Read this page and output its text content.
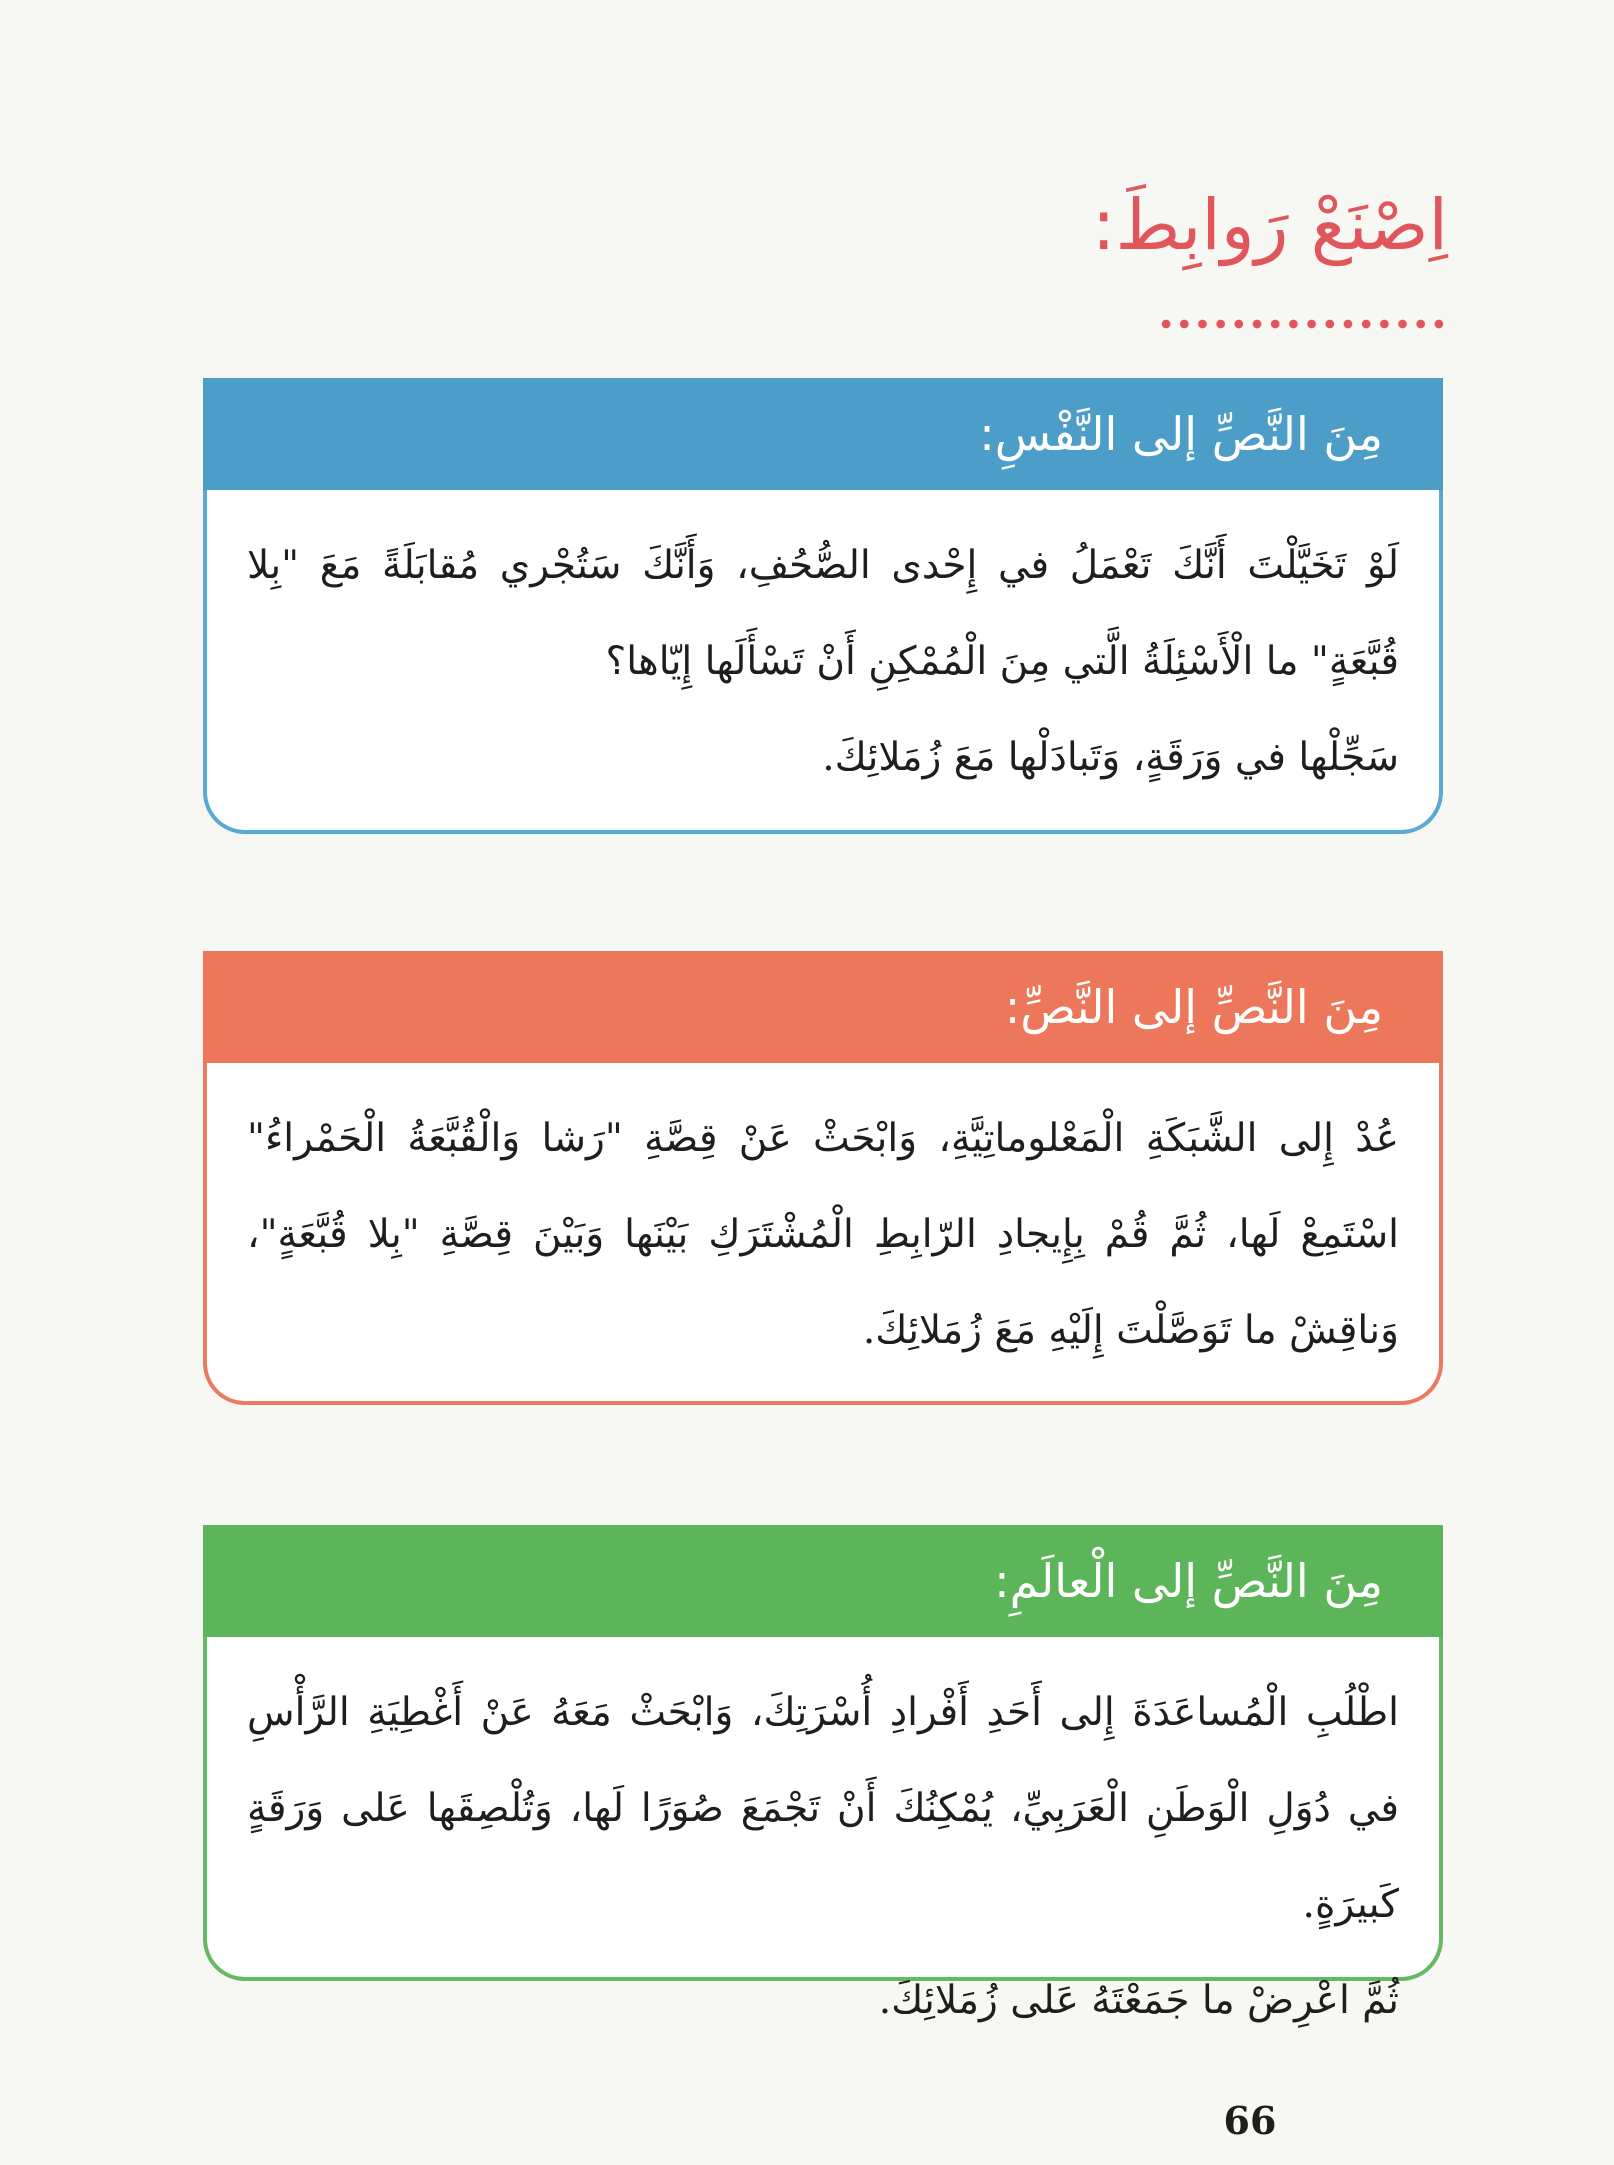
اِصْنَعْ رَوابِطَ:
مِنَ النَّصِّ إلى النَّفْسِ:

لَوْ تَخَيَّلْتَ أَنَّكَ تَعْمَلُ في إِحْدى الصُّحُفِ، وَأَنَّكَ سَتُجْري مُقابَلَةً مَعَ "بِلا قُبَّعَةٍ" ما الْأَسْئِلَةُ الَّتي مِنَ الْمُمْكِنِ أَنْ تَسْأَلَها إِيّاها؟

سَجِّلْها في وَرَقَةٍ، وَتَبادَلْها مَعَ زُمَلائِكَ.

مِنَ النَّصِّ إلى النَّصِّ:

عُدْ إِلى الشَّبَكَةِ الْمَعْلوماتِيَّةِ، وَابْحَثْ عَنْ قِصَّةِ "رَشا وَالْقُبَّعَةُ الْحَمْراءُ" اسْتَمِعْ لَها، ثُمَّ قُمْ بِإِيجادِ الرّابِطِ الْمُشْتَرَكِ بَيْنَها وَبَيْنَ قِصَّةِ "بِلا قُبَّعَةٍ"، وَناقِشْ ما تَوَصَّلْتَ إِلَيْهِ مَعَ زُمَلائِكَ.

مِنَ النَّصِّ إلى الْعالَمِ:

اطْلُبِ الْمُساعَدَةَ إِلى أَحَدِ أَفْرادِ أُسْرَتِكَ، وَابْحَثْ مَعَهُ عَنْ أَغْطِيَةِ الرَّأْسِ في دُوَلِ الْوَطَنِ الْعَرَبِيِّ، يُمْكِنُكَ أَنْ تَجْمَعَ صُوَرًا لَها، وَتُلْصِقَها عَلى وَرَقَةٍ كَبيرَةٍ.

ثُمَّ اعْرِضْ ما جَمَعْتَهُ عَلى زُمَلائِكَ.

66
